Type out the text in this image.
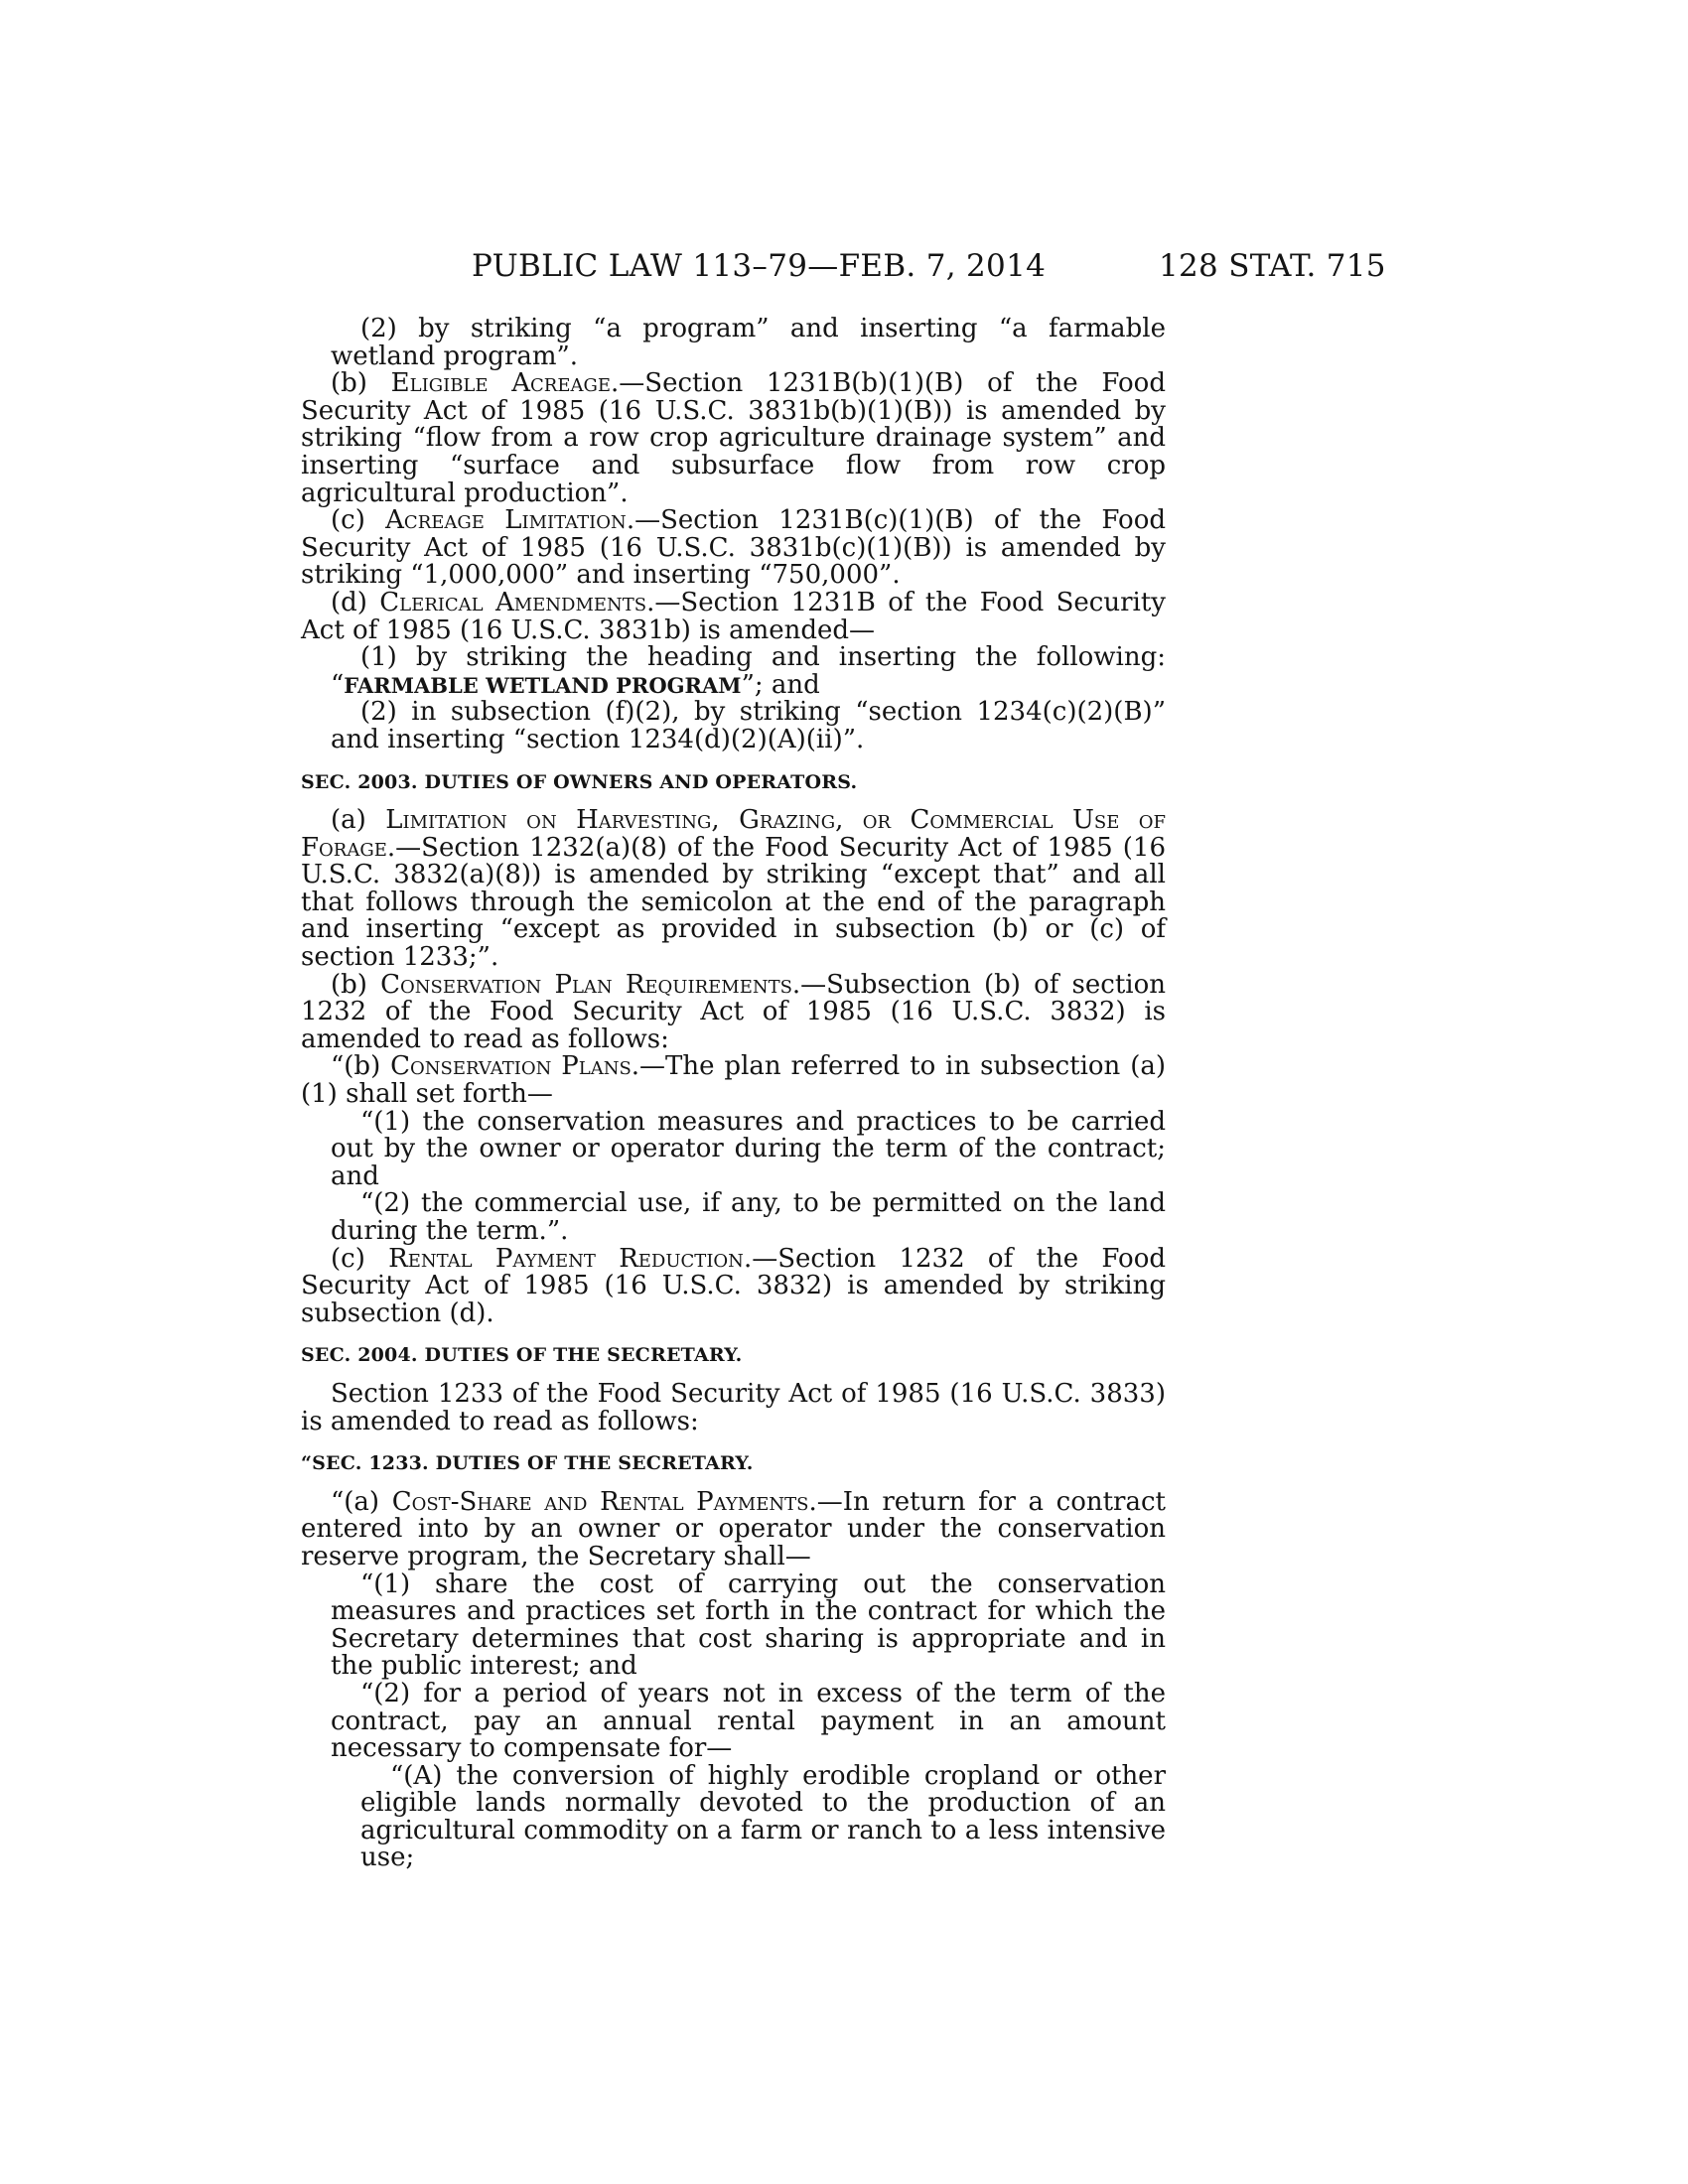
PUBLIC LAW 113–79—FEB. 7, 2014	128 STAT. 715

(2) by striking “a program” and inserting “a farmable wetland program”.

(b) Eligible Acreage.—Section 1231B(b)(1)(B) of the Food Security Act of 1985 (16 U.S.C. 3831b(b)(1)(B)) is amended by striking “flow from a row crop agriculture drainage system” and inserting “surface and subsurface flow from row crop agricultural production”.

(c) Acreage Limitation.—Section 1231B(c)(1)(B) of the Food Security Act of 1985 (16 U.S.C. 3831b(c)(1)(B)) is amended by striking “1,000,000” and inserting “750,000”.

(d) Clerical Amendments.—Section 1231B of the Food Security Act of 1985 (16 U.S.C. 3831b) is amended—

(1) by striking the heading and inserting the following: “FARMABLE WETLAND PROGRAM”; and

(2) in subsection (f)(2), by striking “section 1234(c)(2)(B)” and inserting “section 1234(d)(2)(A)(ii)”.

SEC. 2003. DUTIES OF OWNERS AND OPERATORS.

(a) Limitation on Harvesting, Grazing, or Commercial Use of Forage.—Section 1232(a)(8) of the Food Security Act of 1985 (16 U.S.C. 3832(a)(8)) is amended by striking “except that” and all that follows through the semicolon at the end of the paragraph and inserting “except as provided in subsection (b) or (c) of section 1233;”.

(b) Conservation Plan Requirements.—Subsection (b) of section 1232 of the Food Security Act of 1985 (16 U.S.C. 3832) is amended to read as follows:

“(b) Conservation Plans.—The plan referred to in subsection (a)(1) shall set forth—

“(1) the conservation measures and practices to be carried out by the owner or operator during the term of the contract; and

“(2) the commercial use, if any, to be permitted on the land during the term.”.

(c) Rental Payment Reduction.—Section 1232 of the Food Security Act of 1985 (16 U.S.C. 3832) is amended by striking subsection (d).

SEC. 2004. DUTIES OF THE SECRETARY.

Section 1233 of the Food Security Act of 1985 (16 U.S.C. 3833) is amended to read as follows:

“SEC. 1233. DUTIES OF THE SECRETARY.

“(a) Cost-Share and Rental Payments.—In return for a contract entered into by an owner or operator under the conservation reserve program, the Secretary shall—

“(1) share the cost of carrying out the conservation measures and practices set forth in the contract for which the Secretary determines that cost sharing is appropriate and in the public interest; and

“(2) for a period of years not in excess of the term of the contract, pay an annual rental payment in an amount necessary to compensate for—

“(A) the conversion of highly erodible cropland or other eligible lands normally devoted to the production of an agricultural commodity on a farm or ranch to a less intensive use;
